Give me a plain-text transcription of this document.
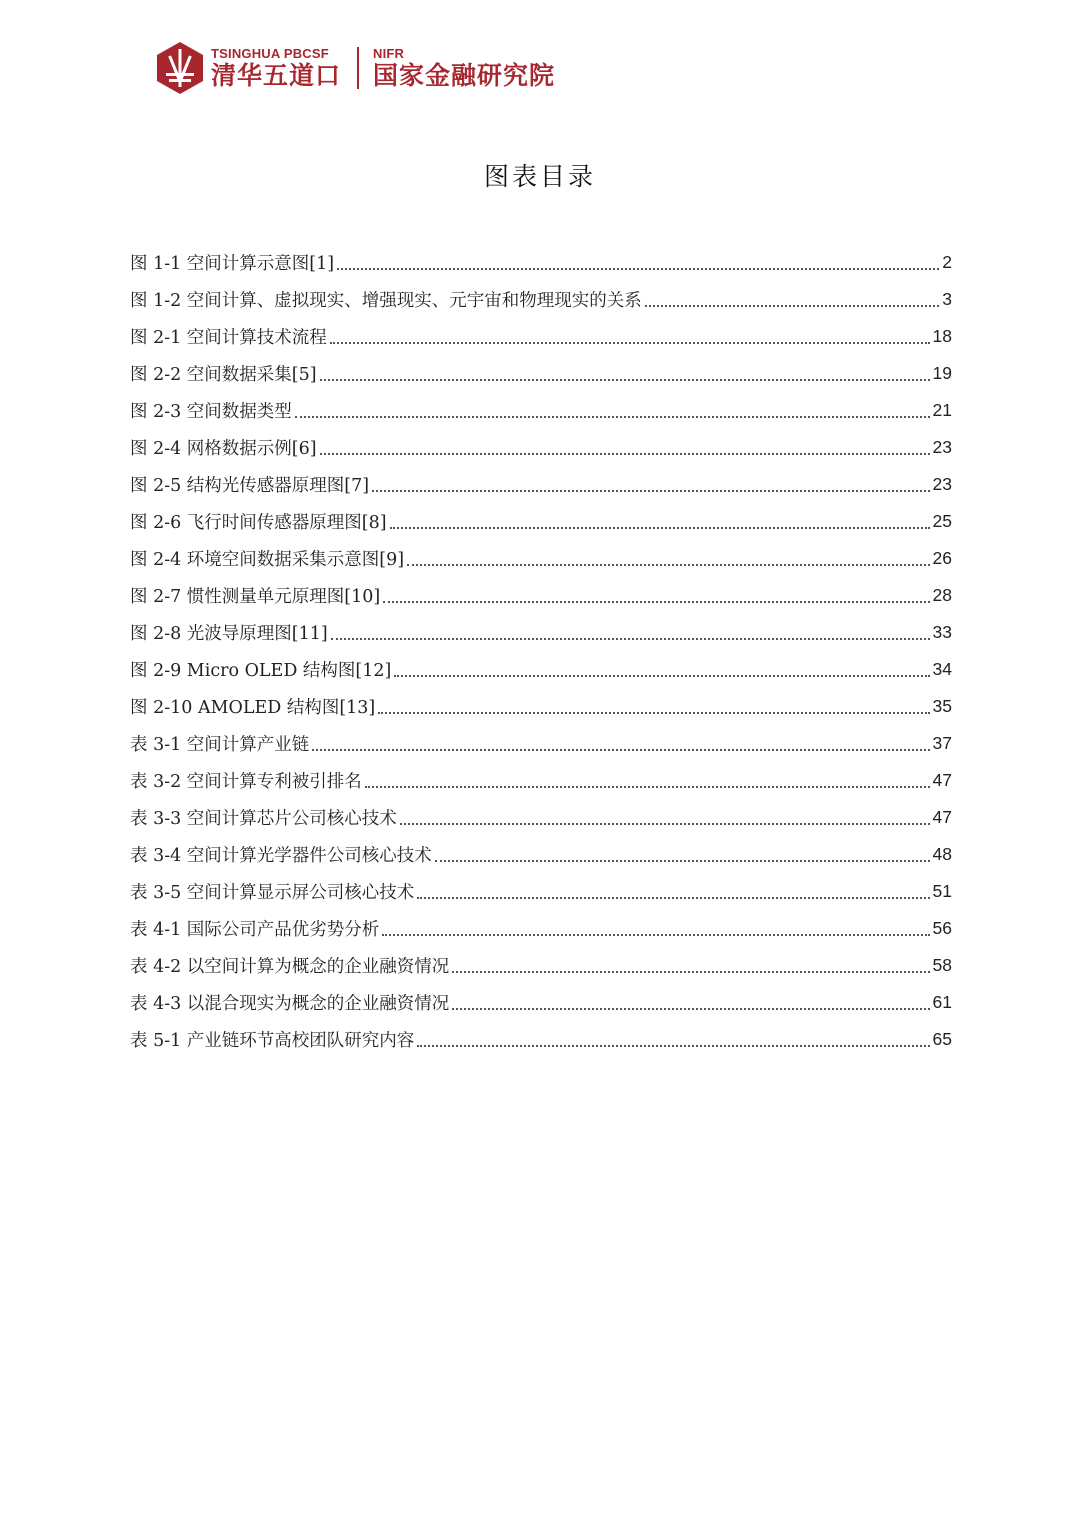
TSINGHUA PBCSF
清华五道口
NIFR
国家金融研究院
图表目录
图 1-1 空间计算示意图[1]	2
图 1-2 空间计算、虚拟现实、增强现实、元宇宙和物理现实的关系	3
图 2-1 空间计算技术流程	18
图 2-2 空间数据采集[5]	19
图 2-3 空间数据类型	21
图 2-4 网格数据示例[6]	23
图 2-5 结构光传感器原理图[7]	23
图 2-6 飞行时间传感器原理图[8]	25
图 2-4 环境空间数据采集示意图[9]	26
图 2-7 惯性测量单元原理图[10]	28
图 2-8 光波导原理图[11]	33
图 2-9 Micro OLED 结构图[12]	34
图 2-10 AMOLED 结构图[13]	35
表 3-1 空间计算产业链	37
表 3-2 空间计算专利被引排名	47
表 3-3 空间计算芯片公司核心技术	47
表 3-4 空间计算光学器件公司核心技术	48
表 3-5 空间计算显示屏公司核心技术	51
表 4-1 国际公司产品优劣势分析	56
表 4-2 以空间计算为概念的企业融资情况	58
表 4-3 以混合现实为概念的企业融资情况	61
表 5-1 产业链环节高校团队研究内容	65
